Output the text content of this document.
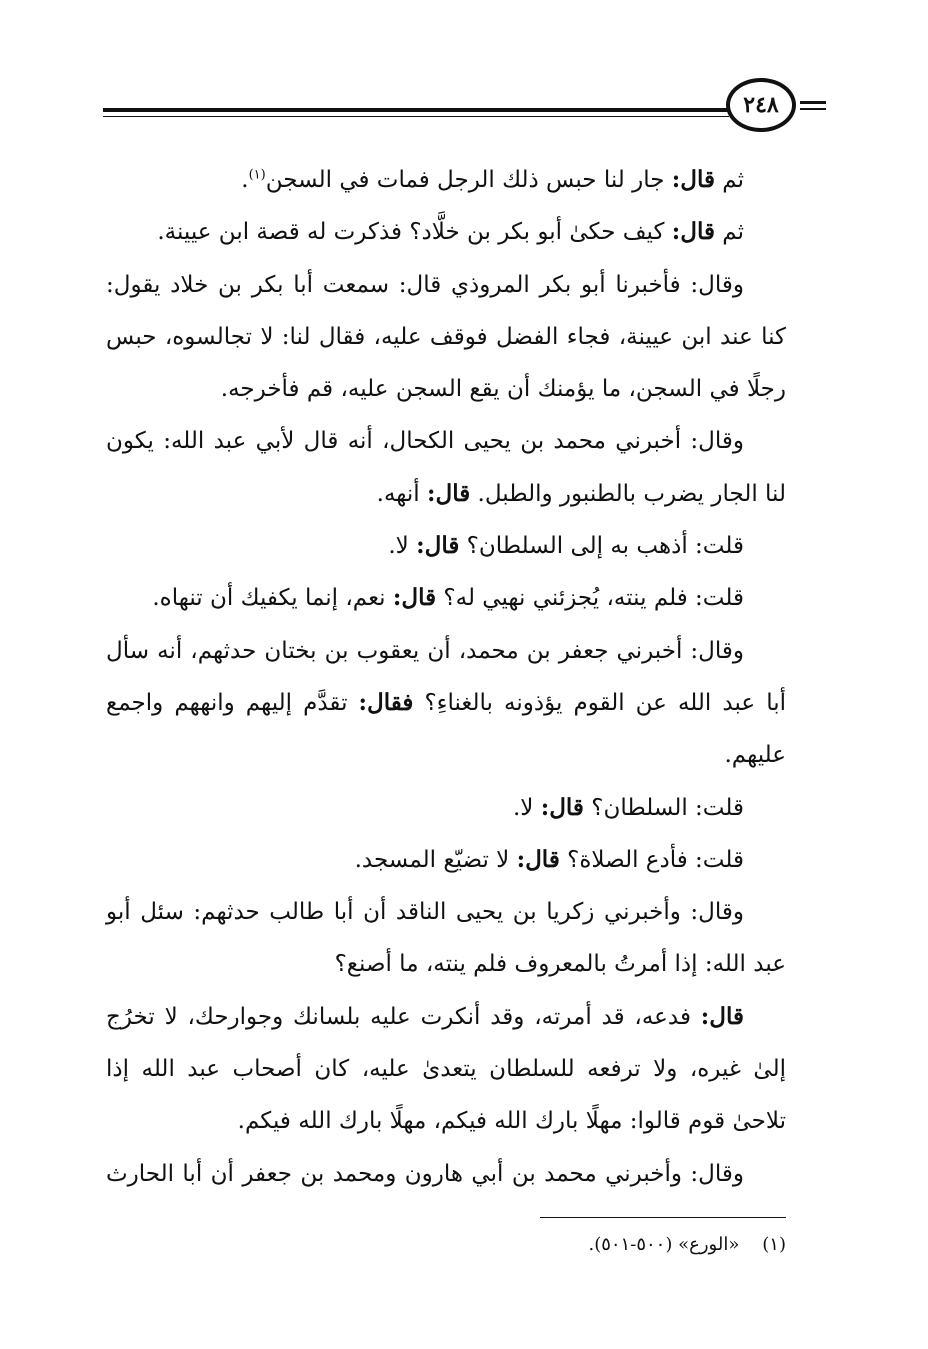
٢٤٨

ثم قال: جار لنا حبس ذلك الرجل فمات في السجن$^{(١)}$.

ثم قال: كيف حكىٰ أبو بكر بن خلَّاد؟ فذكرت له قصة ابن عيينة.

وقال: فأخبرنا أبو بكر المروذي قال: سمعت أبا بكر بن خلاد يقول: كنا عند ابن عيينة، فجاء الفضل فوقف عليه، فقال لنا: لا تجالسوه، حبس رجلًا في السجن، ما يؤمنك أن يقع السجن عليه، قم فأخرجه.

وقال: أخبرني محمد بن يحيى الكحال، أنه قال لأبي عبد الله: يكون لنا الجار يضرب بالطنبور والطبل. قال: أنهه.

قلت: أذهب به إلى السلطان؟ قال: لا.

قلت: فلم ينته، يُجزئني نهيي له؟ قال: نعم، إنما يكفيك أن تنهاه.

وقال: أخبرني جعفر بن محمد، أن يعقوب بن بختان حدثهم، أنه سأل أبا عبد الله عن القوم يؤذونه بالغناءِ؟ فقال: تقدَّم إليهم وانههم واجمع عليهم.

قلت: السلطان؟ قال: لا.

قلت: فأدع الصلاة؟ قال: لا تضيّع المسجد.

وقال: وأخبرني زكريا بن يحيى الناقد أن أبا طالب حدثهم: سئل أبو عبد الله: إذا أمرتُ بالمعروف فلم ينته، ما أصنع؟

قال: فدعه، قد أمرته، وقد أنكرت عليه بلسانك وجوارحك، لا تخرُج إلىٰ غيره، ولا ترفعه للسلطان يتعدىٰ عليه، كان أصحاب عبد الله إذا تلاحىٰ قوم قالوا: مهلًا بارك الله فيكم، مهلًا بارك الله فيكم.

وقال: وأخبرني محمد بن أبي هارون ومحمد بن جعفر أن أبا الحارث

(١)    «الورع» (٥٠٠-٥٠١).
